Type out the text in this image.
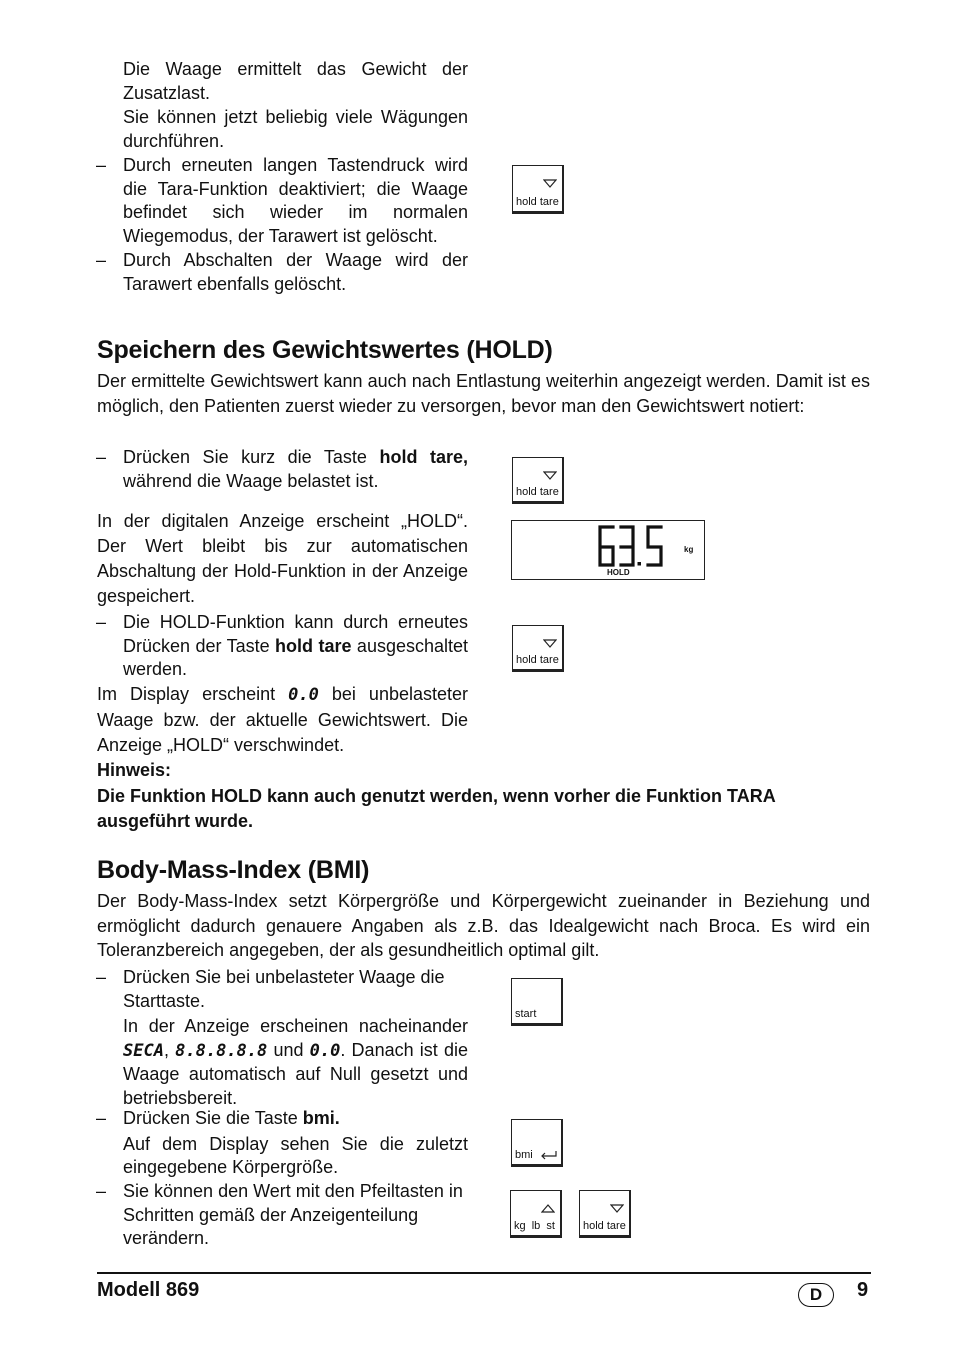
Die Waage ermittelt das Gewicht der Zusatzlast.

Sie können jetzt beliebig viele Wägungen durchführen.

– Durch erneuten langen Tastendruck wird die Tara-Funktion deaktiviert; die Waage befindet sich wieder im normalen Wiegemodus, der Tarawert ist gelöscht.

– Durch Abschalten der Waage wird der Tarawert ebenfalls gelöscht.

hold tare
Speichern des Gewichtswertes (HOLD)

Der ermittelte Gewichtswert kann auch nach Entlastung weiterhin angezeigt werden. Damit ist es möglich, den Patienten zuerst wieder zu versorgen, bevor man den Gewichtswert notiert:

– Drücken Sie kurz die Taste hold tare,

während die Waage belastet ist.

In der digitalen Anzeige erscheint „HOLD“. Der Wert bleibt bis zur automatischen Abschaltung der Hold-Funktion in der Anzeige gespeichert.

– Die HOLD-Funktion kann durch erneutes Drücken der Taste hold tare ausgeschaltet werden.

Im Display erscheint 0.0 bei unbelasteter Waage bzw. der aktuelle Gewichtswert. Die Anzeige „HOLD“ verschwindet.

Hinweis:

Die Funktion HOLD kann auch genutzt werden, wenn vorher die Funktion TARA ausgeführt wurde.

hold tare
kg
HOLD
hold tare
Body-Mass-Index (BMI)

Der Body-Mass-Index setzt Körpergröße und Körpergewicht zueinander in Beziehung und ermöglicht dadurch genauere Angaben als z.B. das Idealgewicht nach Broca. Es wird ein Toleranzbereich angegeben, der als gesundheitlich optimal gilt.

– Drücken Sie bei unbelasteter Waage die Starttaste.

In der Anzeige erscheinen nacheinander SECA, 8.8.8.8.8 und 0.0. Danach ist die Waage automatisch auf Null gesetzt und betriebsbereit.

– Drücken Sie die Taste bmi.

Auf dem Display sehen Sie die zuletzt eingegebene Körpergröße.

– Sie können den Wert mit den Pfeiltasten in Schritten gemäß der Anzeigenteilung verändern.

start
bmi
kg  lb  st	hold tare
Modell 869	D	9
